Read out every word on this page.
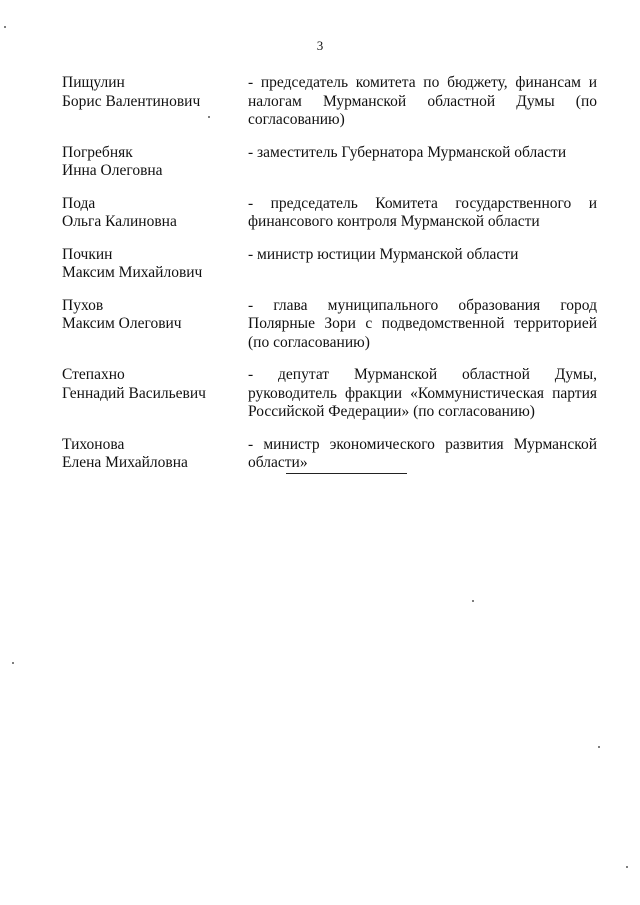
3
Пищулин
Борис Валентинович
- председатель комитета по бюджету, финансам и налогам Мурманской областной Думы (по согласованию)
Погребняк
Инна Олеговна
- заместитель Губернатора Мурманской области
Пода
Ольга Калиновна
- председатель Комитета государственного и финансового контроля Мурманской области
Почкин
Максим Михайлович
- министр юстиции Мурманской области
Пухов
Максим Олегович
- глава муниципального образования город Полярные Зори с подведомственной территорией (по согласованию)
Степахно
Геннадий Васильевич
- депутат Мурманской областной Думы, руководитель фракции «Коммунистическая партия Российской Федерации» (по согласованию)
Тихонова
Елена Михайловна
- министр экономического развития Мурманской области»
